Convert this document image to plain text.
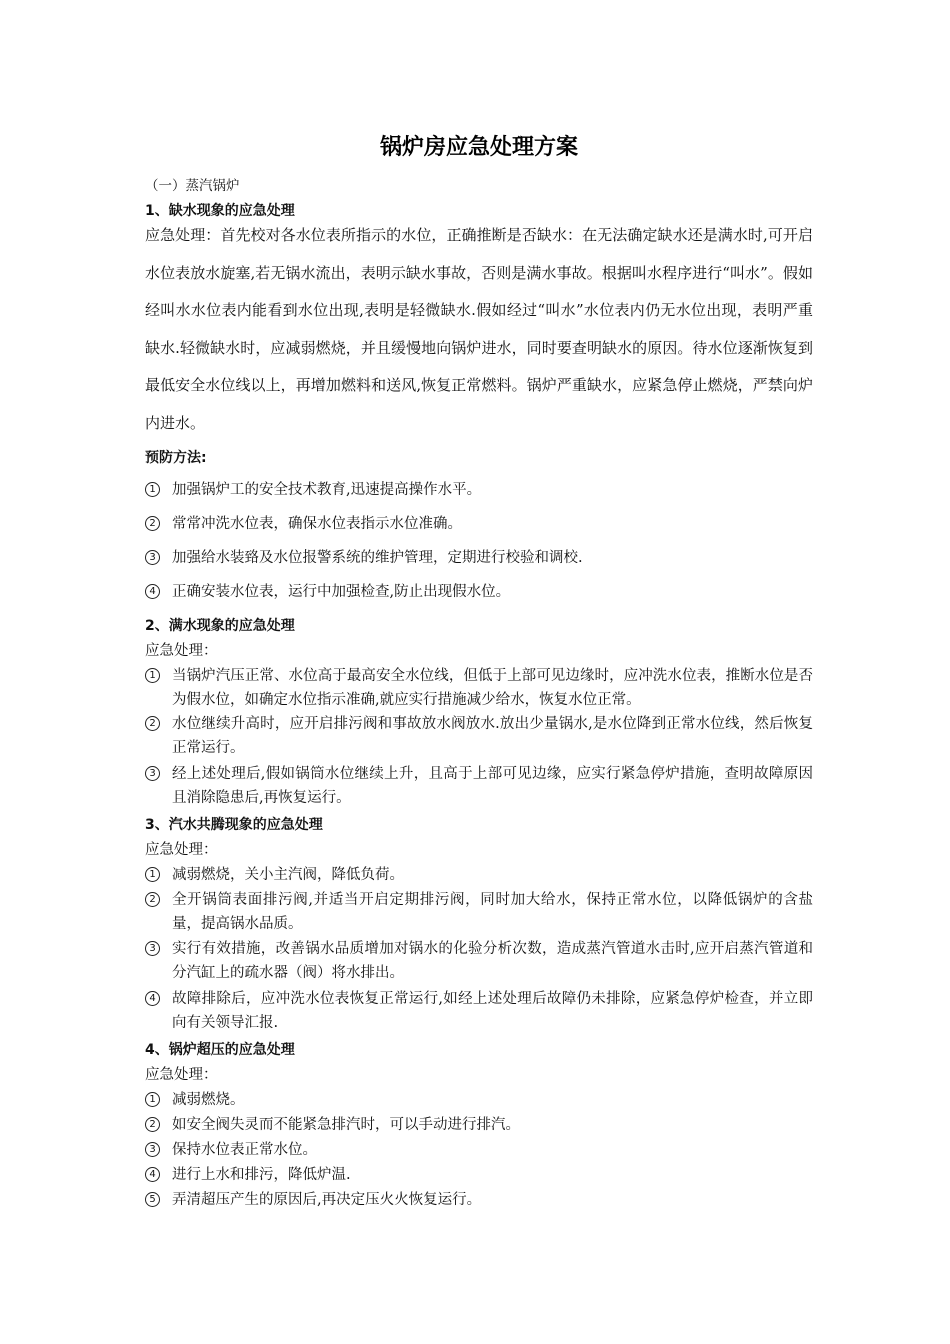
锅炉房应急处理方案
（一）蒸汽锅炉
1、缺水现象的应急处理
应急处理：首先校对各水位表所指示的水位，正确推断是否缺水：在无法确定缺水还是满水时,可开启水位表放水旋塞,若无锅水流出，表明示缺水事故，否则是满水事故。根据叫水程序进行“叫水”。假如经叫水水位表内能看到水位出现,表明是轻微缺水.假如经过“叫水”水位表内仍无水位出现，表明严重缺水.轻微缺水时，应减弱燃烧，并且缓慢地向锅炉进水，同时要查明缺水的原因。待水位逐渐恢复到最低安全水位线以上，再增加燃料和送风,恢复正常燃料。锅炉严重缺水，应紧急停止燃烧，严禁向炉内进水。
预防方法:
1 加强锅炉工的安全技术教育,迅速提高操作水平。
2 常常冲洗水位表，确保水位表指示水位准确。
3 加强给水装臵及水位报警系统的维护管理，定期进行校验和调校.
4 正确安装水位表，运行中加强检查,防止出现假水位。
2、满水现象的应急处理
应急处理：
1 当锅炉汽压正常、水位高于最高安全水位线，但低于上部可见边缘时，应冲洗水位表，推断水位是否为假水位，如确定水位指示准确,就应实行措施减少给水，恢复水位正常。
2 水位继续升高时，应开启排污阀和事故放水阀放水.放出少量锅水,是水位降到正常水位线，然后恢复正常运行。
3 经上述处理后,假如锅筒水位继续上升，且高于上部可见边缘，应实行紧急停炉措施，查明故障原因且消除隐患后,再恢复运行。
3、汽水共腾现象的应急处理
应急处理：
1 减弱燃烧，关小主汽阀，降低负荷。
2 全开锅筒表面排污阀,并适当开启定期排污阀，同时加大给水，保持正常水位，以降低锅炉的含盐量，提高锅水品质。
3 实行有效措施，改善锅水品质增加对锅水的化验分析次数，造成蒸汽管道水击时,应开启蒸汽管道和分汽缸上的疏水器（阀）将水排出。
4 故障排除后，应冲洗水位表恢复正常运行,如经上述处理后故障仍未排除，应紧急停炉检查，并立即向有关领导汇报.
4、锅炉超压的应急处理
应急处理：
1 减弱燃烧。
2 如安全阀失灵而不能紧急排汽时，可以手动进行排汽。
3 保持水位表正常水位。
4 进行上水和排污，降低炉温.
5 弄清超压产生的原因后,再决定压火火恢复运行。
